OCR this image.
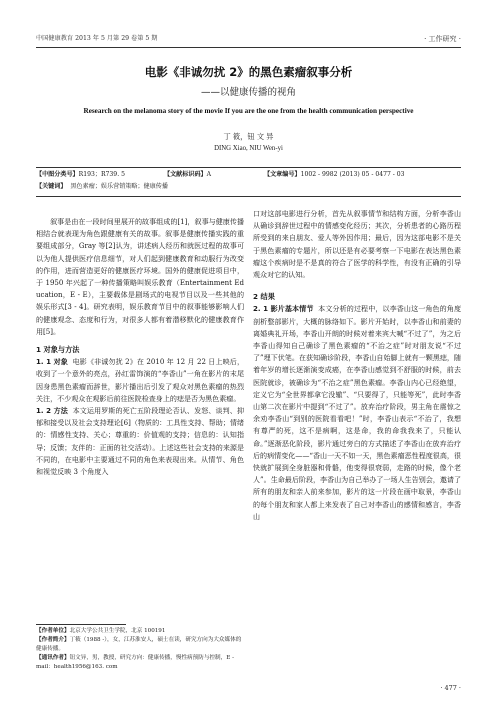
中国健康教育 2013 年 5 月第 29 卷第 5 期	· 工作研究 ·
电影《非诚勿扰 2》的黑色素瘤叙事分析
——以健康传播的视角
Research on the melanoma story of the movie If you are the one from the health communication perspective
丁 筱，钮 文 异
DING Xiao, NIU Wen-yi
【中图分类号】R193；R739. 5	【文献标识码】A	【文章编号】1002 - 9982 (2013) 05 - 0477 - 03
【关键词】 黑色素瘤；娱乐营销策略；健康传播

叙事是由在一段时间里展开的故事组成的[1]，叙事与健康传播相结合就表现为角色跟健康有关的故事。叙事是健康传播实践的重要组成部分，Gray 等[2]认为，讲述病人经历和就医过程的故事可以为他人提供医疗信息细节，对人们起到健康教育和动服行为改变的作用，进而营造更好的健康医疗环境。国外的健康促进项目中，于 1950 年兴起了一种传播策略叫娱乐教育（Entertainment Education，E - E），主要载体是剧场式的电视节目以及一些其他的娱乐形式[3 - 4]。研究表明，娱乐教育节目中的叙事能够影响人们的健康观念、态度和行为，对很多人都有着潜移默化的健康教育作用[5]。

1 对象与方法

1. 1 对象 电影《非诚勿扰 2》在 2010 年 12 月 22 日上映后，收到了一个意外的亮点，孙红雷饰演的“李香山”一角在影片的末尾因身患黑色素瘤而辞世，影片播出后引发了观众对黑色素瘤的热烈关注，不少观众在观影后前往医院检查身上的痣是否为黑色素瘤。

1. 2 方法 本文运用罗斯的死亡五阶段理论否认、发怒、谈判、抑郁和接受以及社会支持理论[6]（物质的：工具性支持、帮助；情绪的：情感性支持、关心；尊重的：价值观的支持；信息的：认知指导；反馈；友伴的：正面的社交活动）。上述这些社会支持的来源是不同的，在电影中主要通过不同的角色来表现出来。从情节、角色和视觉反映 3 个角度入

【作者单位】北京大学公共卫生学院，北京 100191

【作者简介】丁筱（1988 -），女，江苏淮安人，硕士在读，研究方向为大众媒体的健康传播。

【通讯作者】钮文异，男，教授，研究方向：健康传播，慢性病预防与控制，E - mail：health1956@163. com

口对这部电影进行分析，首先从叙事情节和结构方面，分析李香山从确诊到辞世过程中的情感变化经历；其次，分析患者的心路历程所受到的来自朋友、爱人等外因作用；最后，因为这部电影不是关于黑色素瘤的专题片，所以还是有必要考察一下电影在表达黑色素瘤这个疾病时是不是真的符合了医学的科学性，有没有正确的引导观众对它的认知。

2 结果

2. 1 影片基本情节 本文分析的过程中，以李香山这一角色的角度剖析整部影片，大概的脉络如下。影片开始时，以李香山和前妻的离婚典礼开场，李香山开朗的时候对着来宾大喊“不过了”，为之后李香山得知自己确诊了黑色素瘤的“不治之症”时对朋友说“不过了”埋下伏笔。在获知确诊阶段，李香山自始脚上就有一颗黑痣，随着年岁的增长逐渐演变成癌，在李香山感觉到不舒服的时候，前去医院就诊，被确诊为“不治之症”黑色素瘤。李香山内心已经绝望，定义它为“全世界都拿它没辙”、“只要得了，只能等死”，此时李香山第二次在影片中提到“不过了”。放弃治疗阶段，男主角在震惊之余劝李香山“到别的医院看看吧！”时，李香山表示“不治了，我想有尊严的死，这不是病啊，这是命，我的命我我来了，只能认命。”逐渐恶化阶段，影片通过旁白的方式描述了李香山在放弃治疗后的病情变化——“香山一天不如一天，黑色素瘤恶性程度很高，很快就扩展到全身脏器和骨骼，他变得很衰弱，走路的时候，像个老人”。生命最后阶段，李香山为自己举办了一场人生告别会，邀请了所有的朋友和亲人前来参加，影片的这一片段在画中取景，李香山的每个朋友和家人都上来发表了自己对李香山的感情和感言，李香山

· 477 ·
